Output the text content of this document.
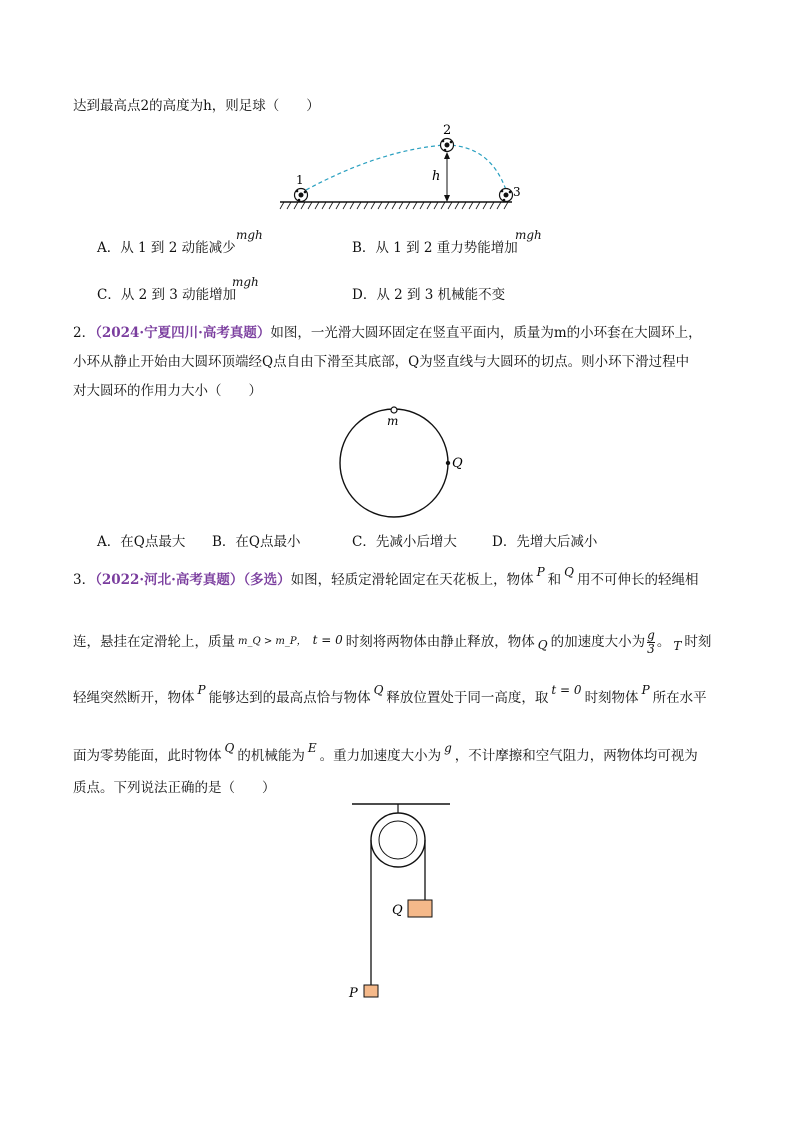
达到最高点2的高度为h，则足球（　　）
1
2
3
h
A．从 1 到 2 动能减少
mgh
B．从 1 到 2 重力势能增加
mgh
C．从 2 到 3 动能增加
mgh
D．从 2 到 3 机械能不变
2．（2024·宁夏四川·高考真题）如图，一光滑大圆环固定在竖直平面内，质量为m的小环套在大圆环上，
小环从静止开始由大圆环顶端经Q点自由下滑至其底部，Q为竖直线与大圆环的切点。则小环下滑过程中
对大圆环的作用力大小（　　）
m
Q
A．在Q点最大 B．在Q点最小	C．先减小后增大	D．先增大后减小
3．（2022·河北·高考真题）（多选）如图，轻质定滑轮固定在天花板上，物体 P 和 Q 用不可伸长的轻绳相
连，悬挂在定滑轮上，质量 m_Q > m_P， t = 0 时刻将两物体由静止释放，物体 Q 的加速度大小为 $\frac{g}{3}$ 。 T 时刻
轻绳突然断开，物体 P 能够达到的最高点恰与物体 Q 释放位置处于同一高度，取 t = 0 时刻物体 P 所在水平
面为零势能面，此时物体 Q 的机械能为 E 。重力加速度大小为 g ，不计摩擦和空气阻力，两物体均可视为
质点。下列说法正确的是（　　）
Q
P
